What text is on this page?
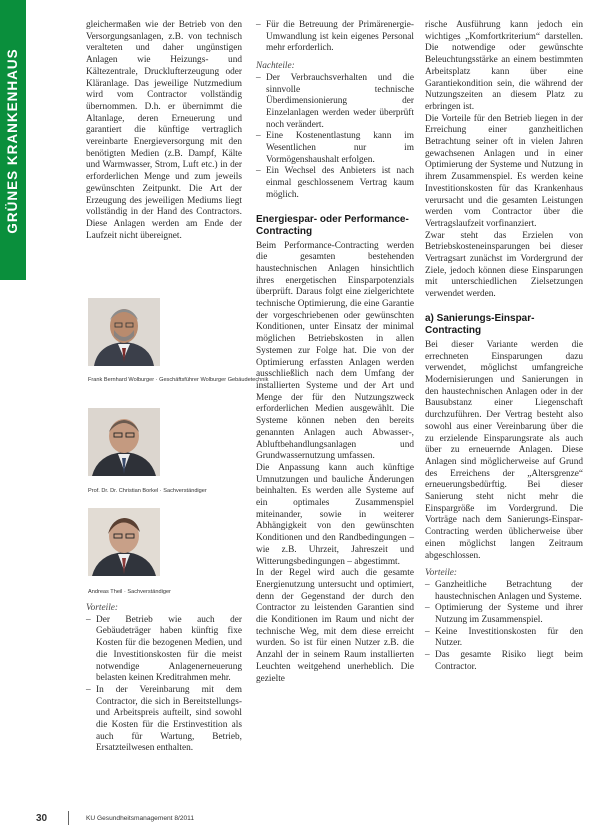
GRÜNES KRANKENHAUS

gleichermaßen wie der Betrieb von den Versorgungsanlagen, z.B. von technisch veralteten und daher ungünstigen Anlagen wie Heizungs- und Kältezentrale, Drucklufterzeugung oder Kläranlage. Das jeweilige Nutzmedium wird vom Contractor vollständig übernommen. D.h. er übernimmt die Altanlage, deren Erneuerung und garantiert die künftige vertraglich vereinbarte Energieversorgung mit den benötigten Medien (z.B. Dampf, Kälte und Warmwasser, Strom, Luft etc.) in der erforderlichen Menge und zum jeweils gewünschten Zeitpunkt. Die Art der Erzeugung des jeweiligen Mediums liegt vollständig in der Hand des Contractors. Diese Anlagen werden am Ende der Laufzeit nicht übereignet.

Frank Bernhard Wolburger · Geschäftsführer Wolburger Gebäudetechnik
Prof. Dr. Dr. Christian Borkel · Sachverständiger
Andreas Theil · Sachverständiger

Vorteile:

– Der Betrieb wie auch der Gebäudeträger haben künftig fixe Kosten für die bezogenen Medien, und die Investitionskosten für die meist notwendige Anlagenerneuerung belasten keinen Kreditrahmen mehr.
– In der Vereinbarung mit dem Contractor, die sich in Bereitstellungs- und Arbeitspreis aufteilt, sind sowohl die Kosten für die Erstinvestition als auch für Wartung, Betrieb, Ersatzteilwesen enthalten.
– Für die Betreuung der Primärenergie-Umwandlung ist kein eigenes Personal mehr erforderlich.

Nachteile:

– Der Verbrauchsverhalten und die sinnvolle technische Überdimensionierung der Einzelanlagen werden weder überprüft noch verändert.
– Eine Kostenentlastung kann im Wesentlichen nur im Vormögenshaushalt erfolgen.
– Ein Wechsel des Anbieters ist nach einmal geschlossenem Vertrag kaum möglich.

Energiespar- oder Performance-Contracting

Beim Performance-Contracting werden die gesamten bestehenden haustechnischen Anlagen hinsichtlich ihres energetischen Einsparpotenzials überprüft. Daraus folgt eine zielgerichtete technische Optimierung, die eine Garantie der vorgeschriebenen oder gewünschten Konditionen, unter Einsatz der minimal möglichen Betriebskosten in allen Systemen zur Folge hat. Die von der Optimierung erfassten Anlagen werden ausschließlich nach dem Umfang der installierten Systeme und der Art und Menge der für den Nutzungszweck erforderlichen Medien ausgewählt. Die Systeme können neben den bereits genannten Anlagen auch Abwasser-, Abluftbehandlungsanlagen und Grundwassernutzung umfassen.

Die Anpassung kann auch künftige Umnutzungen und bauliche Änderungen beinhalten. Es werden alle Systeme auf ein optimales Zusammenspiel miteinander, sowie in weiterer Abhängigkeit von den gewünschten Konditionen und den Randbedingungen – wie z.B. Uhrzeit, Jahreszeit und Witterungsbedingungen – abgestimmt.

In der Regel wird auch die gesamte Energienutzung untersucht und optimiert, denn der Gegenstand der durch den Contractor zu leistenden Garantien sind die Konditionen im Raum und nicht der technische Weg, mit dem diese erreicht wurden. So ist für einen Nutzer z.B. die Anzahl der in seinem Raum installierten Leuchten weitgehend unerheblich. Die gezielte

rische Ausführung kann jedoch ein wichtiges „Komfortkriterium“ darstellen. Die notwendige oder gewünschte Beleuchtungsstärke an einem bestimmten Arbeitsplatz kann über eine Garantiekondition sein, die während der Nutzungszeiten an diesem Platz zu erbringen ist.

Die Vorteile für den Betrieb liegen in der Erreichung einer ganzheitlichen Betrachtung seiner oft in vielen Jahren gewachsenen Anlagen und in einer Optimierung der Systeme und Nutzung in ihrem Zusammenspiel. Es werden keine Investitionskosten für das Krankenhaus verursacht und die gesamten Leistungen werden vom Contractor über die Vertragslaufzeit vorfinanziert.

Zwar steht das Erzielen von Betriebskosteneinsparungen bei dieser Vertragsart zunächst im Vordergrund der Ziele, jedoch können diese Einsparungen mit unterschiedlichen Zielsetzungen verwendet werden.

a) Sanierungs-Einspar-Contracting

Bei dieser Variante werden die errechneten Einsparungen dazu verwendet, möglichst umfangreiche Modernisierungen und Sanierungen in den haustechnischen Anlagen oder in der Bausubstanz einer Liegenschaft durchzuführen. Der Vertrag besteht also sowohl aus einer Vereinbarung über die zu erzielende Einsparungsrate als auch über zu erneuernde Anlagen. Diese Anlagen sind möglicherweise auf Grund des Erreichens der „Altersgrenze“ erneuerungsbedürftig. Bei dieser Sanierung steht nicht mehr die Einspargröße im Vordergrund. Die Vorträge nach dem Sanierungs-Einspar-Contracting werden üblicherweise über einen möglichst langen Zeitraum abgeschlossen.

Vorteile:

– Ganzheitliche Betrachtung der haustechnischen Anlagen und Systeme.
– Optimierung der Systeme und ihrer Nutzung im Zusammenspiel.
– Keine Investitionskosten für den Nutzer.
– Das gesamte Risiko liegt beim Contractor.
30	KU Gesundheitsmanagement 8/2011
